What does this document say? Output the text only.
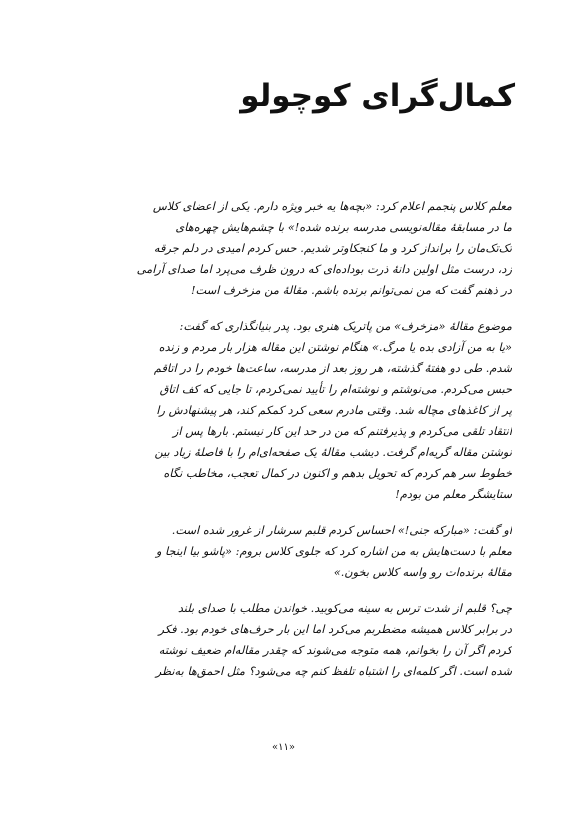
کمال‌گرای کوچولو
معلم کلاس پنجمم اعلام کرد: «بچه‌ها یه خبر ویژه دارم. یکی از اعضای کلاس
ما در مسابقهٔ مقاله‌نویسی مدرسه برنده شده!» با چشم‌هایش چهره‌های
تک‌تک‌مان را برانداز کرد و ما کنجکاوتر شدیم. حس کردم امیدی در دلم جرقه
زد، درست مثل اولین دانهٔ ذرت بوداده‌ای که درون ظرف می‌پرد اما صدای آرامی
در ذهنم گفت که من نمی‌توانم برنده باشم. مقالهٔ من مزخرف است!
موضوع مقالهٔ «مزخرف» من پاتریک هنری بود. پدر بنیانگذاری که گفت:
«یا به من آزادی بده یا مرگ.» هنگام نوشتن این مقاله هزار بار مردم و زنده
شدم. طی دو هفتهٔ گذشته، هر روز بعد از مدرسه، ساعت‌ها خودم را در اتاقم
حبس می‌کردم. می‌نوشتم و نوشته‌ام را تأیید نمی‌کردم، تا جایی که کف اتاق
پر از کاغذهای مچاله شد. وقتی مادرم سعی کرد کمکم کند، هر پیشنهادش را
انتقاد تلقی می‌کردم و پذیرفتنم که من در حد این کار نیستم. بارها پس از
نوشتن مقاله گریه‌ام گرفت. دیشب مقالهٔ یک صفحه‌ای‌ام را با فاصلهٔ زیاد بین
خطوط سر هم کردم که تحویل بدهم و اکنون در کمال تعجب، مخاطب نگاه
ستایشگر معلم من بودم!
او گفت: «مبارکه جنی!» احساس کردم قلبم سرشار از غرور شده است.
معلم با دست‌هایش به من اشاره کرد که جلوی کلاس بروم: «پاشو بیا اینجا و
مقالهٔ برنده‌ات رو واسه کلاس بخون.»
چی؟ قلبم از شدت ترس به سینه می‌کوبید. خواندن مطلب با صدای بلند
در برابر کلاس همیشه مضطربم می‌کرد اما این بار حرف‌های خودم بود. فکر
کردم اگر آن را بخوانم، همه متوجه می‌شوند که چقدر مقاله‌ام ضعیف نوشته
شده است. اگر کلمه‌ای را اشتباه تلفظ کنم چه می‌شود؟ مثل احمق‌ها به‌نظر
«۱۱»
